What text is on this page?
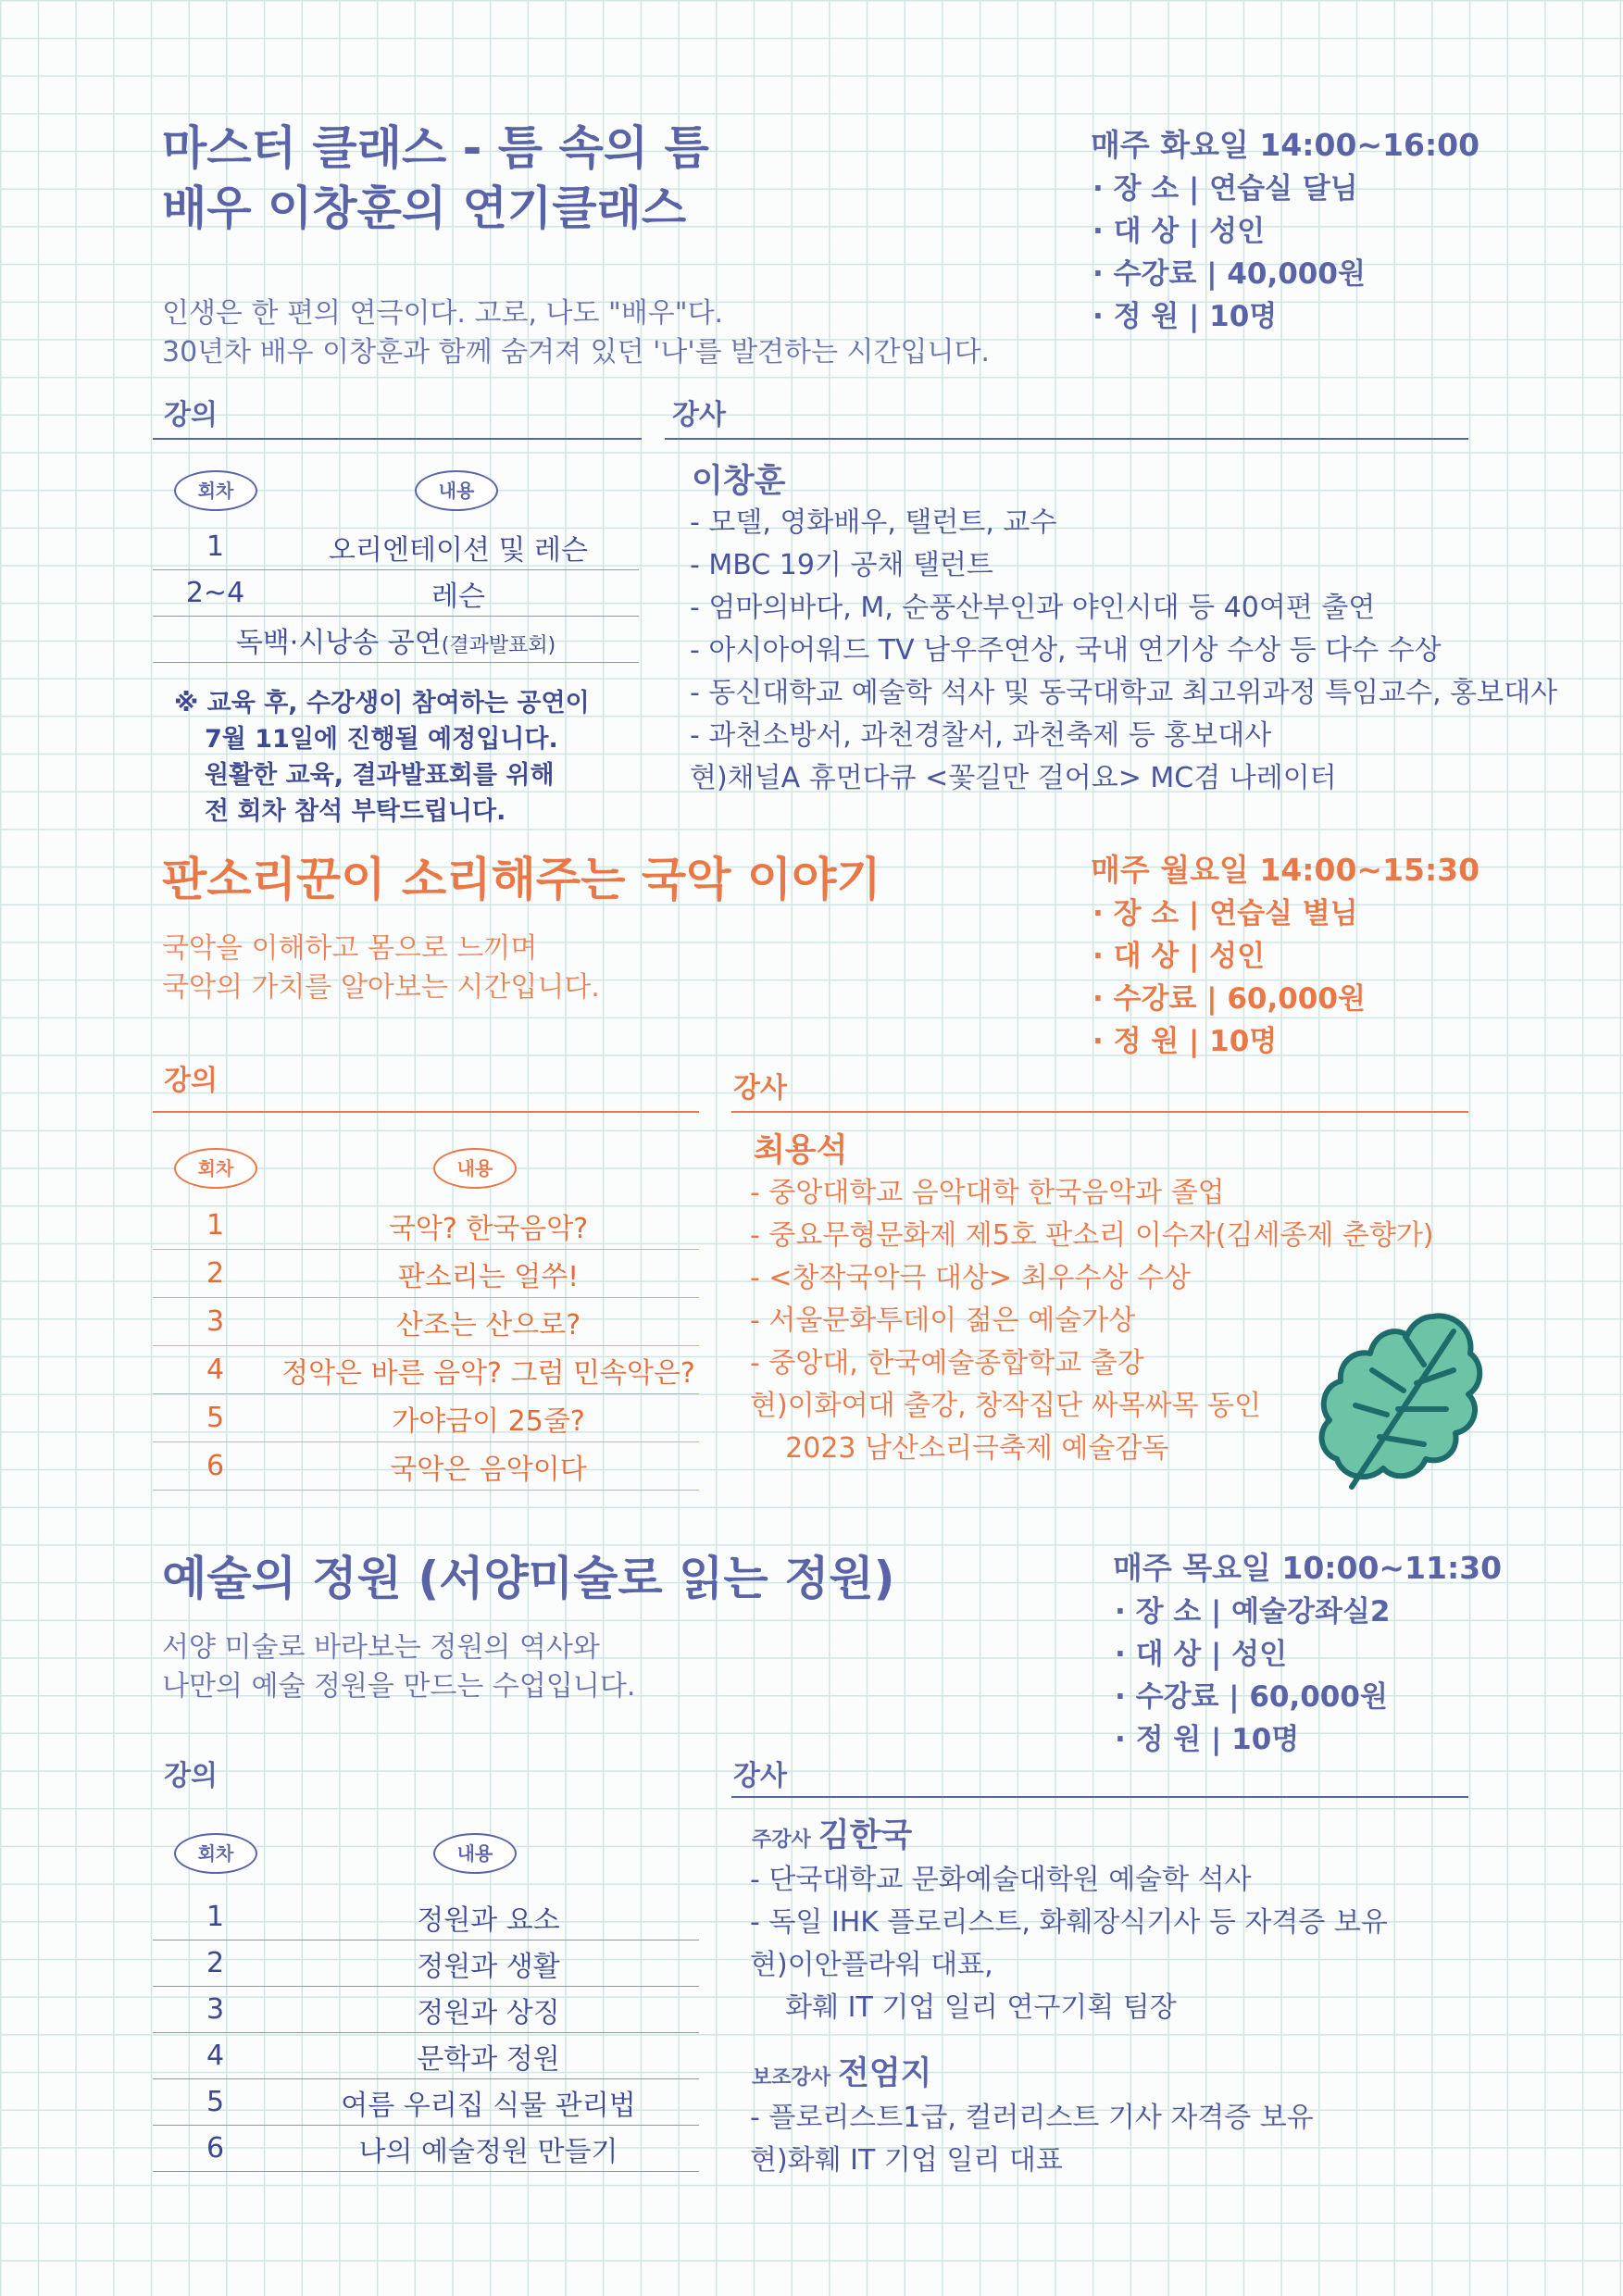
마스터 클래스 - 틈 속의 틈
배우 이창훈의 연기클래스
인생은 한 편의 연극이다. 고로, 나도 "배우"다.
30년차 배우 이창훈과 함께 숨겨져 있던 '나'를 발견하는 시간입니다.
매주 화요일 14:00~16:00
· 장 소 | 연습실 달님
· 대 상 | 성인
· 수강료 | 40,000원
· 정 원 | 10명
강의	강사
회차	내용
1	오리엔테이션 및 레슨
2~4	레슨
독백·시낭송 공연(결과발표회)	
※ 교육 후, 수강생이 참여하는 공연이
7월 11일에 진행될 예정입니다.
원활한 교육, 결과발표회를 위해
전 회차 참석 부탁드립니다.
이창훈
- 모델, 영화배우, 탤런트, 교수
- MBC 19기 공채 탤런트
- 엄마의바다, M, 순풍산부인과 야인시대 등 40여편 출연
- 아시아어워드 TV 남우주연상, 국내 연기상 수상 등 다수 수상
- 동신대학교 예술학 석사 및 동국대학교 최고위과정 특임교수, 홍보대사
- 과천소방서, 과천경찰서, 과천축제 등 홍보대사
현)채널A 휴먼다큐 <꽃길만 걸어요> MC겸 나레이터
판소리꾼이 소리해주는 국악 이야기
국악을 이해하고 몸으로 느끼며
국악의 가치를 알아보는 시간입니다.
매주 월요일 14:00~15:30
· 장 소 | 연습실 별님
· 대 상 | 성인
· 수강료 | 60,000원
· 정 원 | 10명
강의	강사
회차	내용
1	국악? 한국음악?
2	판소리는 얼쑤!
3	산조는 산으로?
4	정악은 바른 음악? 그럼 민속악은?
5	가야금이 25줄?
6	국악은 음악이다
최용석
- 중앙대학교 음악대학 한국음악과 졸업
- 중요무형문화제 제5호 판소리 이수자(김세종제 춘향가)
- <창작국악극 대상> 최우수상 수상
- 서울문화투데이 젊은 예술가상
- 중앙대, 한국예술종합학교 출강
현)이화여대 출강, 창작집단 싸목싸목 동인
2023 남산소리극축제 예술감독
예술의 정원 (서양미술로 읽는 정원)
서양 미술로 바라보는 정원의 역사와
나만의 예술 정원을 만드는 수업입니다.
매주 목요일 10:00~11:30
· 장 소 | 예술강좌실2
· 대 상 | 성인
· 수강료 | 60,000원
· 정 원 | 10명
강의	강사
회차	내용
1	정원과 요소
2	정원과 생활
3	정원과 상징
4	문학과 정원
5	여름 우리집 식물 관리법
6	나의 예술정원 만들기
주강사 김한국
- 단국대학교 문화예술대학원 예술학 석사
- 독일 IHK 플로리스트, 화훼장식기사 등 자격증 보유
현)이안플라워 대표,
화훼 IT 기업 일리 연구기획 팀장
보조강사 전엄지
- 플로리스트1급, 컬러리스트 기사 자격증 보유
현)화훼 IT 기업 일리 대표
